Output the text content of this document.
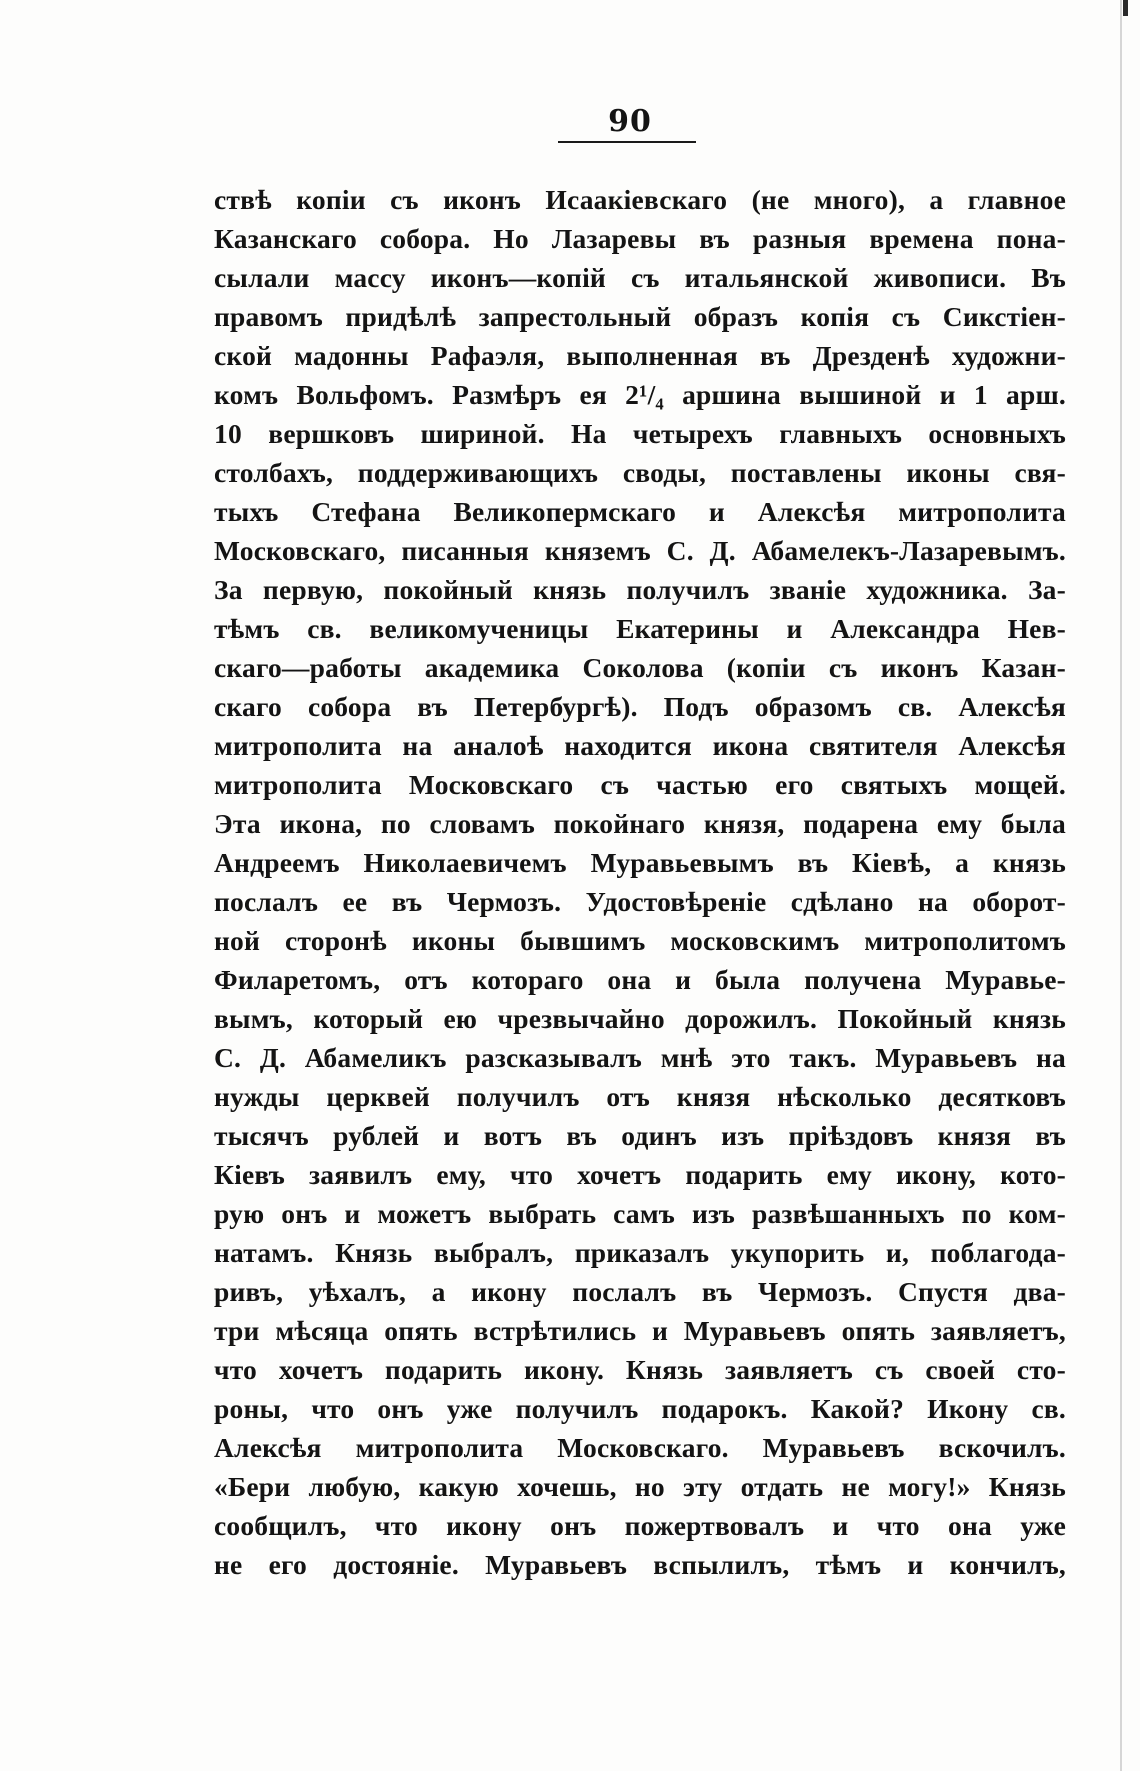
90
ствѣ копіи съ иконъ Исаакіевскаго (не много), а главное
Казанскаго собора. Но Лазаревы въ разныя времена пона-
сылали массу иконъ—копій съ итальянской живописи. Въ
правомъ придѣлѣ запрестольный образъ копія съ Сикстіен-
ской мадонны Рафаэля, выполненная въ Дрезденѣ художни-
комъ Вольфомъ. Размѣръ ея 2¹/₄ аршина вышиной и 1 арш.
10 вершковъ шириной. На четырехъ главныхъ основныхъ
столбахъ, поддерживающихъ своды, поставлены иконы свя-
тыхъ Стефана Великопермскаго и Алексѣя митрополита
Московскаго, писанныя княземъ С. Д. Абамелекъ-Лазаревымъ.
За первую, покойный князь получилъ званіе художника. За-
тѣмъ св. великомученицы Екатерины и Александра Нев-
скаго—работы академика Соколова (копіи съ иконъ Казан-
скаго собора въ Петербургѣ). Подъ образомъ св. Алексѣя
митрополита на аналоѣ находится икона святителя Алексѣя
митрополита Московскаго съ частью его святыхъ мощей.
Эта икона, по словамъ покойнаго князя, подарена ему была
Андреемъ Николаевичемъ Муравьевымъ въ Кіевѣ, а князь
послалъ ее въ Чермозъ. Удостовѣреніе сдѣлано на оборот-
ной сторонѣ иконы бывшимъ московскимъ митрополитомъ
Филаретомъ, отъ котораго она и была получена Муравье-
вымъ, который ею чрезвычайно дорожилъ. Покойный князь
С. Д. Абамеликъ разсказывалъ мнѣ это такъ. Муравьевъ на
нужды церквей получилъ отъ князя нѣсколько десятковъ
тысячъ рублей и вотъ въ одинъ изъ пріѣздовъ князя въ
Кіевъ заявилъ ему, что хочетъ подарить ему икону, кото-
рую онъ и можетъ выбрать самъ изъ развѣшанныхъ по ком-
натамъ. Князь выбралъ, приказалъ укупорить и, поблагода-
ривъ, уѣхалъ, а икону послалъ въ Чермозъ. Спустя два-
три мѣсяца опять встрѣтились и Муравьевъ опять заявляетъ,
что хочетъ подарить икону. Князь заявляетъ съ своей сто-
роны, что онъ уже получилъ подарокъ. Какой? Икону св.
Алексѣя митрополита Московскаго. Муравьевъ вскочилъ.
«Бери любую, какую хочешь, но эту отдать не могу!» Князь
сообщилъ, что икону онъ пожертвовалъ и что она уже
не его достояніе. Муравьевъ вспылилъ, тѣмъ и кончилъ,
